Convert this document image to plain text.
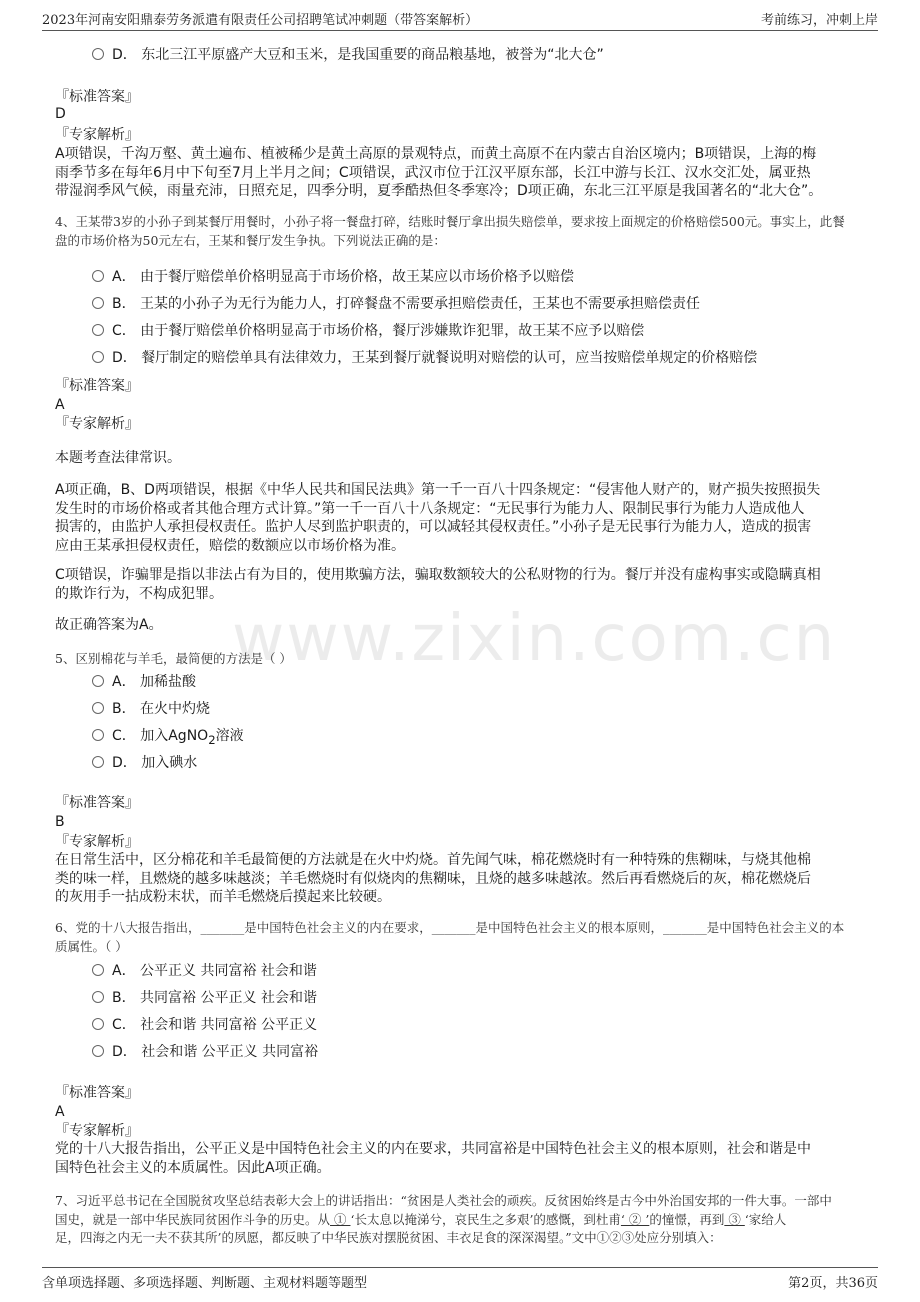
2023年河南安阳鼎泰劳务派遣有限责任公司招聘笔试冲刺题（带答案解析）	考前练习，冲刺上岸
www.zixin.com.cn
D． 东北三江平原盛产大豆和玉米，是我国重要的商品粮基地，被誉为“北大仓”
『标准答案』
D
『专家解析』
A项错误，千沟万壑、黄土遍布、植被稀少是黄土高原的景观特点，而黄土高原不在内蒙古自治区境内；B项错误，上海的梅
雨季节多在每年6月中下旬至7月上半月之间；C项错误，武汉市位于江汉平原东部，长江中游与长江、汉水交汇处，属亚热
带湿润季风气候，雨量充沛，日照充足，四季分明，夏季酷热但冬季寒冷；D项正确，东北三江平原是我国著名的“北大仓”。
4、王某带3岁的小孙子到某餐厅用餐时，小孙子将一餐盘打碎，结账时餐厅拿出损失赔偿单，要求按上面规定的价格赔偿500元。事实上，此餐
盘的市场价格为50元左右，王某和餐厅发生争执。下列说法正确的是：
A． 由于餐厅赔偿单价格明显高于市场价格，故王某应以市场价格予以赔偿
B． 王某的小孙子为无行为能力人，打碎餐盘不需要承担赔偿责任，王某也不需要承担赔偿责任
C． 由于餐厅赔偿单价格明显高于市场价格，餐厅涉嫌欺诈犯罪，故王某不应予以赔偿
D． 餐厅制定的赔偿单具有法律效力，王某到餐厅就餐说明对赔偿的认可，应当按赔偿单规定的价格赔偿
『标准答案』
A
『专家解析』
本题考查法律常识。
A项正确，B、D两项错误，根据《中华人民共和国民法典》第一千一百八十四条规定：“侵害他人财产的，财产损失按照损失
发生时的市场价格或者其他合理方式计算。”第一千一百八十八条规定：“无民事行为能力人、限制民事行为能力人造成他人
损害的，由监护人承担侵权责任。监护人尽到监护职责的，可以减轻其侵权责任。”小孙子是无民事行为能力人，造成的损害
应由王某承担侵权责任，赔偿的数额应以市场价格为准。
C项错误，诈骗罪是指以非法占有为目的，使用欺骗方法，骗取数额较大的公私财物的行为。餐厅并没有虚构事实或隐瞒真相
的欺诈行为，不构成犯罪。
故正确答案为A。
5、区别棉花与羊毛，最简便的方法是（ ）
A． 加稀盐酸
B． 在火中灼烧
C． 加入AgNO$_2$溶液
D． 加入碘水
『标准答案』
B
『专家解析』
在日常生活中，区分棉花和羊毛最简便的方法就是在火中灼烧。首先闻气味，棉花燃烧时有一种特殊的焦糊味，与烧其他棉
类的味一样，且燃烧的越多味越淡；羊毛燃烧时有似烧肉的焦糊味，且烧的越多味越浓。然后再看燃烧后的灰，棉花燃烧后
的灰用手一拈成粉末状，而羊毛燃烧后摸起来比较硬。
6、党的十八大报告指出，_______是中国特色社会主义的内在要求，_______是中国特色社会主义的根本原则，_______是中国特色社会主义的本
质属性。（ ）
A． 公平正义 共同富裕 社会和谐
B． 共同富裕 公平正义 社会和谐
C． 社会和谐 共同富裕 公平正义
D． 社会和谐 公平正义 共同富裕
『标准答案』
A
『专家解析』
党的十八大报告指出，公平正义是中国特色社会主义的内在要求，共同富裕是中国特色社会主义的根本原则，社会和谐是中
国特色社会主义的本质属性。因此A项正确。
7、习近平总书记在全国脱贫攻坚总结表彰大会上的讲话指出：“贫困是人类社会的顽疾。反贫困始终是古今中外治国安邦的一件大事。一部中
国史，就是一部中华民族同贫困作斗争的历史。从 ① ‘长太息以掩涕兮，哀民生之多艰’的感慨，到杜甫‘ ② ’的憧憬，再到 ③ ‘家给人
足，四海之内无一夫不获其所’的夙愿，都反映了中华民族对摆脱贫困、丰衣足食的深深渴望。”文中①②③处应分别填入：
含单项选择题、多项选择题、判断题、主观材料题等题型	第2页，共36页
